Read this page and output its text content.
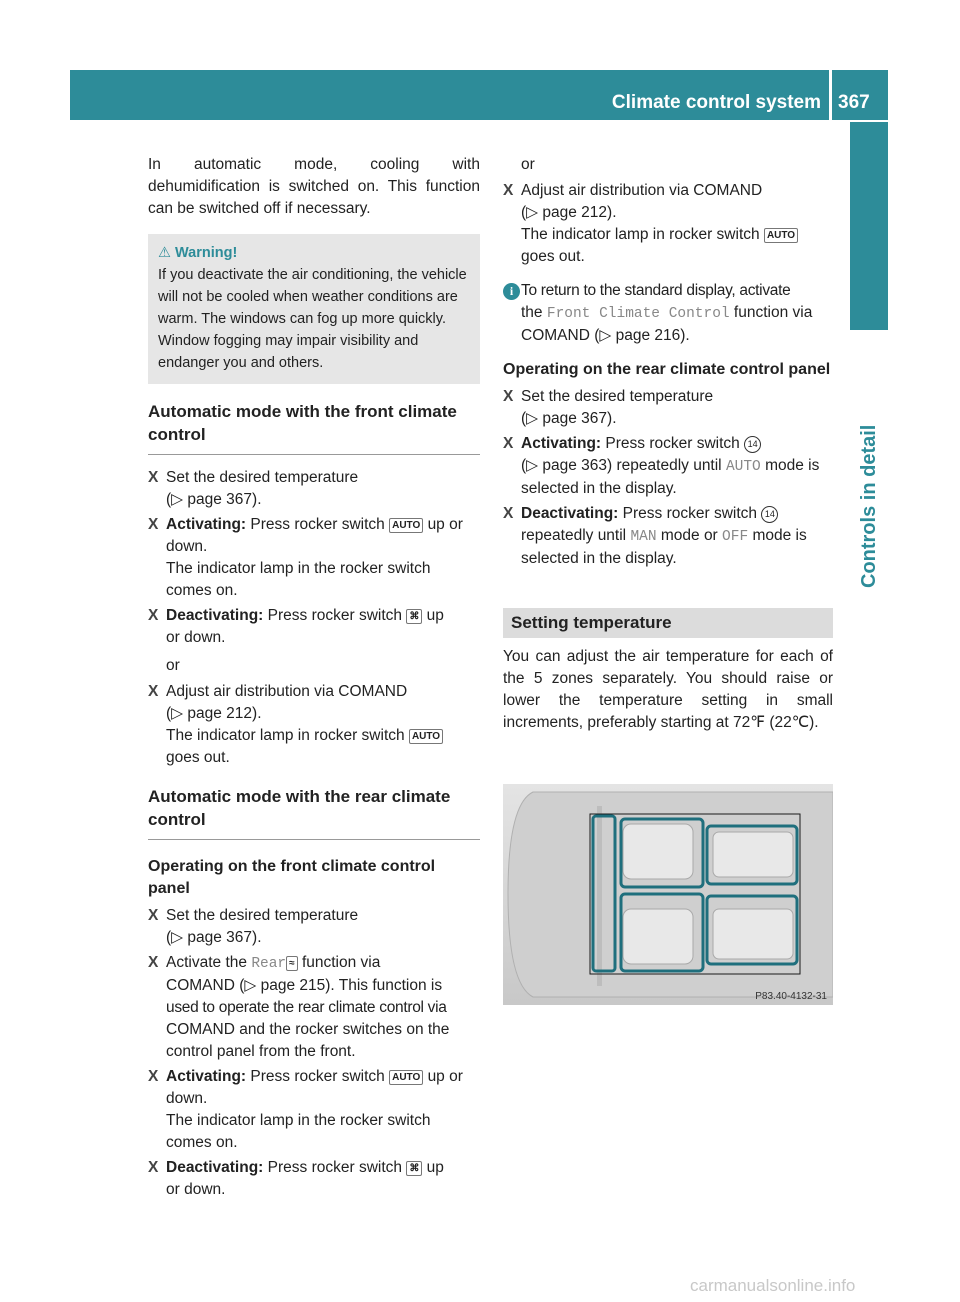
Climate control system 367
Controls in detail

In automatic mode, cooling with dehumidification is switched on. This function can be switched off if necessary.

⚠ Warning!
If you deactivate the air conditioning, the vehicle will not be cooled when weather conditions are warm. The windows can fog up more quickly. Window fogging may impair visibility and endanger you and others.
Automatic mode with the front climate control
X Set the desired temperature
(▷ page 367).
X Activating: Press rocker switch AUTO up or
down.
The indicator lamp in the rocker switch
comes on.
X Deactivating: Press rocker switch ⌘ up
or down.
or
X Adjust air distribution via COMAND
(▷ page 212).
The indicator lamp in rocker switch AUTO
goes out.
Automatic mode with the rear climate control
Operating on the front climate control panel
X Set the desired temperature
(▷ page 367).
X Activate the Rear ≈ function via
COMAND (▷ page 215). This function is
used to operate the rear climate control via
COMAND and the rocker switches on the
control panel from the front.
X Activating: Press rocker switch AUTO up or
down.
The indicator lamp in the rocker switch
comes on.
X Deactivating: Press rocker switch ⌘ up
or down.
or
X Adjust air distribution via COMAND
(▷ page 212).
The indicator lamp in rocker switch AUTO
goes out.
i To return to the standard display, activate
the Front Climate Control function via
COMAND (▷ page 216).
Operating on the rear climate control panel
X Set the desired temperature
(▷ page 367).
X Activating: Press rocker switch 14
(▷ page 363) repeatedly until AUTO mode is
selected in the display.
X Deactivating: Press rocker switch 14
repeatedly until MAN mode or OFF mode is
selected in the display.
Setting temperature

You can adjust the air temperature for each of the 5 zones separately. You should raise or lower the temperature setting in small increments, preferably starting at 72℉ (22℃).

P83.40-4132-31
carmanualsonline.info
